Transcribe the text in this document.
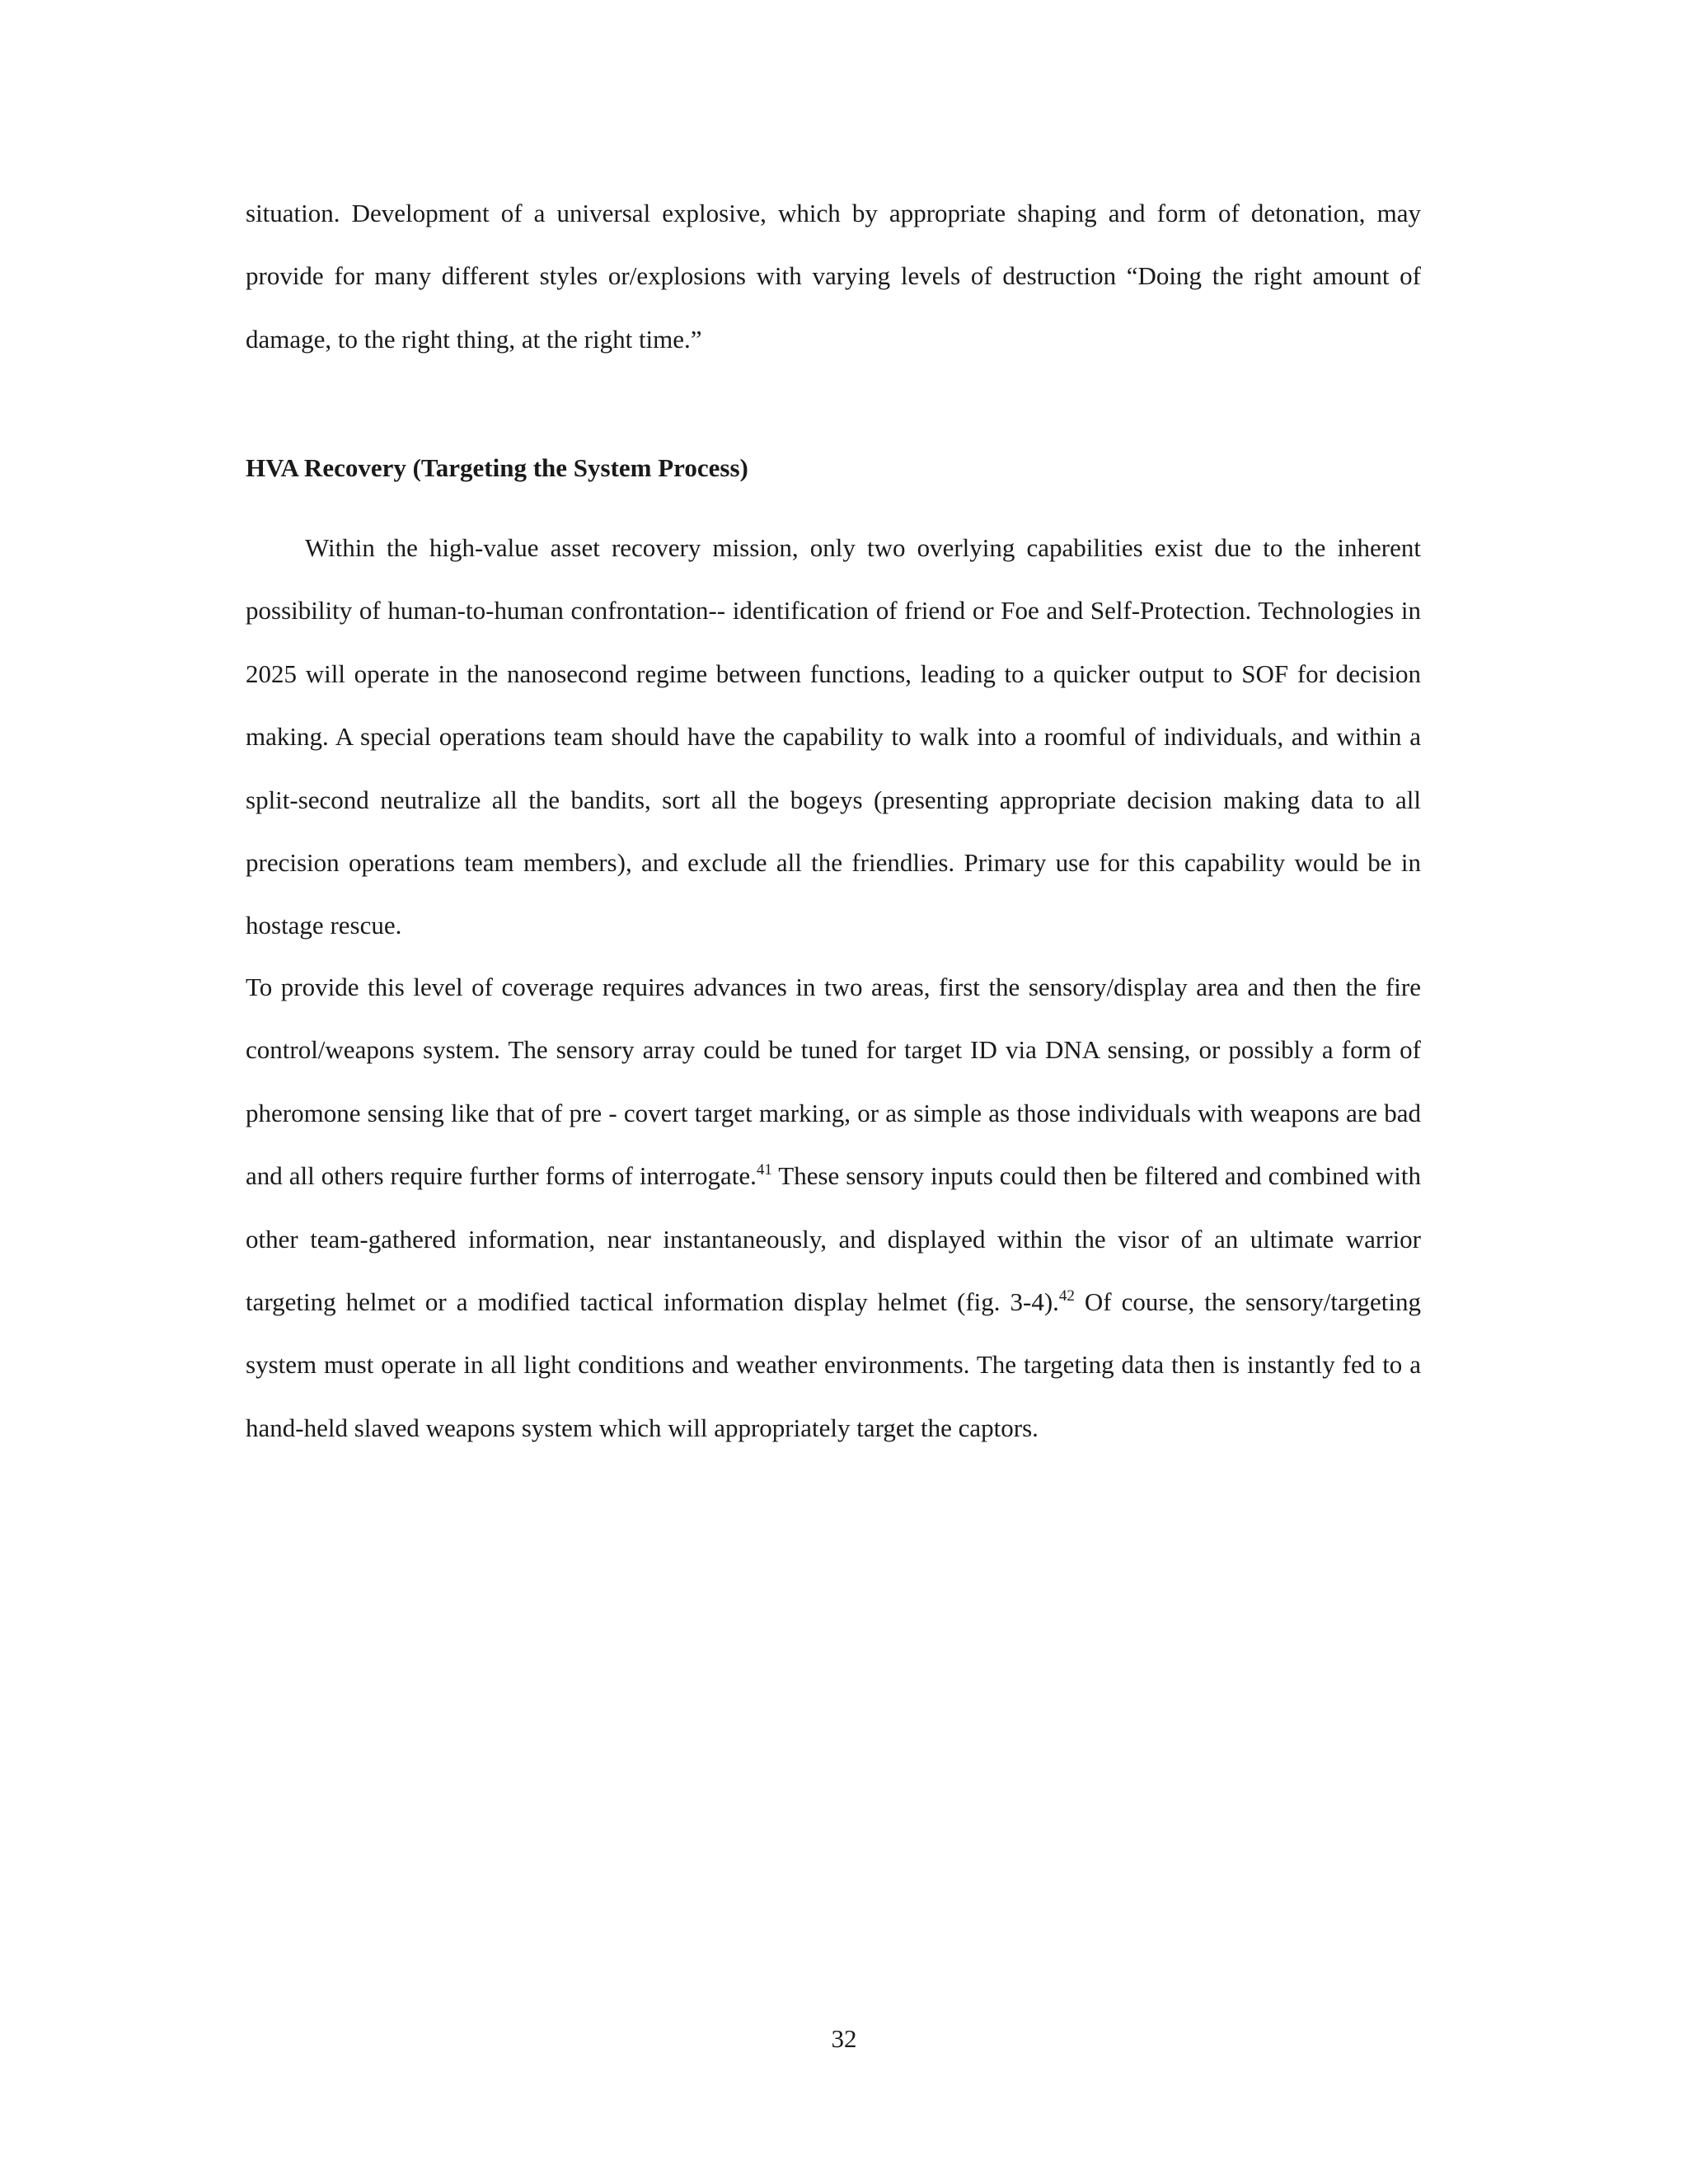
situation. Development of a universal explosive, which by appropriate shaping and form of detonation, may provide for many different styles or/explosions with varying levels of destruction “Doing the right amount of damage, to the right thing, at the right time.”

HVA Recovery (Targeting the System Process)

Within the high-value asset recovery mission, only two overlying capabilities exist due to the inherent possibility of human-to-human confrontation-- identification of friend or Foe and Self-Protection. Technologies in 2025 will operate in the nanosecond regime between functions, leading to a quicker output to SOF for decision making. A special operations team should have the capability to walk into a roomful of individuals, and within a split-second neutralize all the bandits, sort all the bogeys (presenting appropriate decision making data to all precision operations team members), and exclude all the friendlies. Primary use for this capability would be in hostage rescue.

To provide this level of coverage requires advances in two areas, first the sensory/display area and then the fire control/weapons system. The sensory array could be tuned for target ID via DNA sensing, or possibly a form of pheromone sensing like that of pre - covert target marking, or as simple as those individuals with weapons are bad and all others require further forms of interrogate.$^{41}$ These sensory inputs could then be filtered and combined with other team-gathered information, near instantaneously, and displayed within the visor of an ultimate warrior targeting helmet or a modified tactical information display helmet (fig. 3-4).$^{42}$ Of course, the sensory/targeting system must operate in all light conditions and weather environments. The targeting data then is instantly fed to a hand-held slaved weapons system which will appropriately target the captors.

32
